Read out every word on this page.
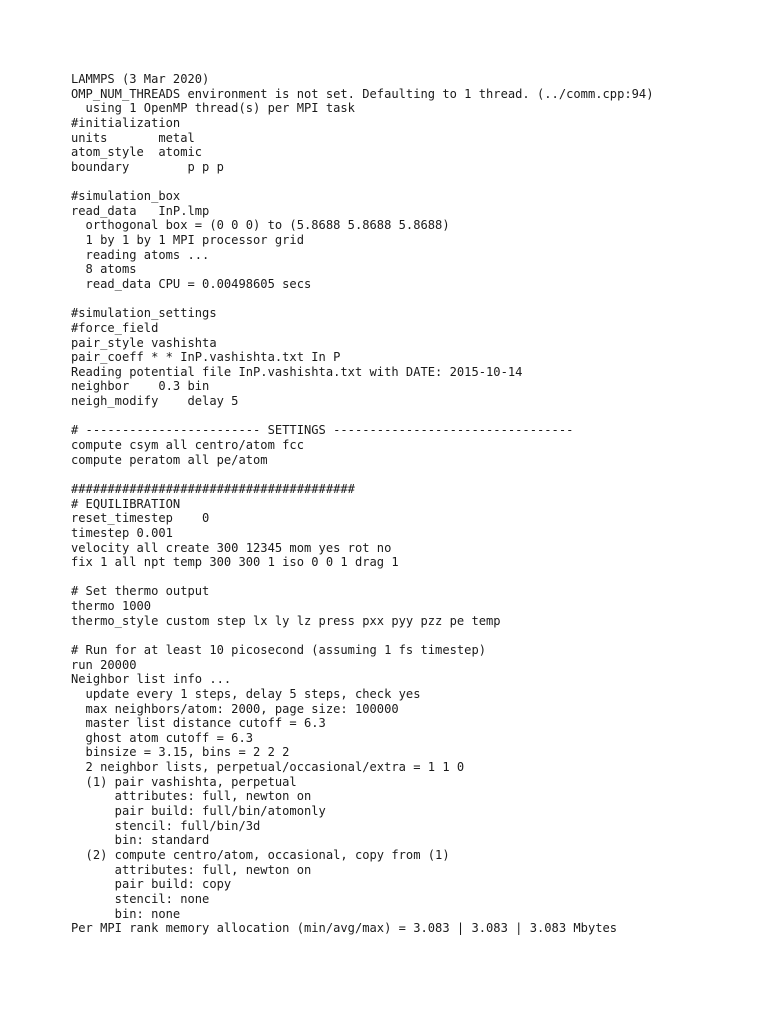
LAMMPS (3 Mar 2020)
OMP_NUM_THREADS environment is not set. Defaulting to 1 thread. (../comm.cpp:94)
using 1 OpenMP thread(s) per MPI task
#initialization
units       metal
atom_style  atomic
boundary        p p p
#simulation_box
read_data   InP.lmp
orthogonal box = (0 0 0) to (5.8688 5.8688 5.8688)
1 by 1 by 1 MPI processor grid
reading atoms ...
8 atoms
read_data CPU = 0.00498605 secs
#simulation_settings
#force_field
pair_style vashishta
pair_coeff * * InP.vashishta.txt In P
Reading potential file InP.vashishta.txt with DATE: 2015-10-14
neighbor    0.3 bin
neigh_modify    delay 5
# ------------------------ SETTINGS ---------------------------------
compute csym all centro/atom fcc
compute peratom all pe/atom
#######################################
# EQUILIBRATION
reset_timestep    0
timestep 0.001
velocity all create 300 12345 mom yes rot no
fix 1 all npt temp 300 300 1 iso 0 0 1 drag 1
# Set thermo output
thermo 1000
thermo_style custom step lx ly lz press pxx pyy pzz pe temp
# Run for at least 10 picosecond (assuming 1 fs timestep)
run 20000
Neighbor list info ...
update every 1 steps, delay 5 steps, check yes
max neighbors/atom: 2000, page size: 100000
master list distance cutoff = 6.3
ghost atom cutoff = 6.3
binsize = 3.15, bins = 2 2 2
2 neighbor lists, perpetual/occasional/extra = 1 1 0
(1) pair vashishta, perpetual
attributes: full, newton on
pair build: full/bin/atomonly
stencil: full/bin/3d
bin: standard
(2) compute centro/atom, occasional, copy from (1)
attributes: full, newton on
pair build: copy
stencil: none
bin: none
Per MPI rank memory allocation (min/avg/max) = 3.083 | 3.083 | 3.083 Mbytes
